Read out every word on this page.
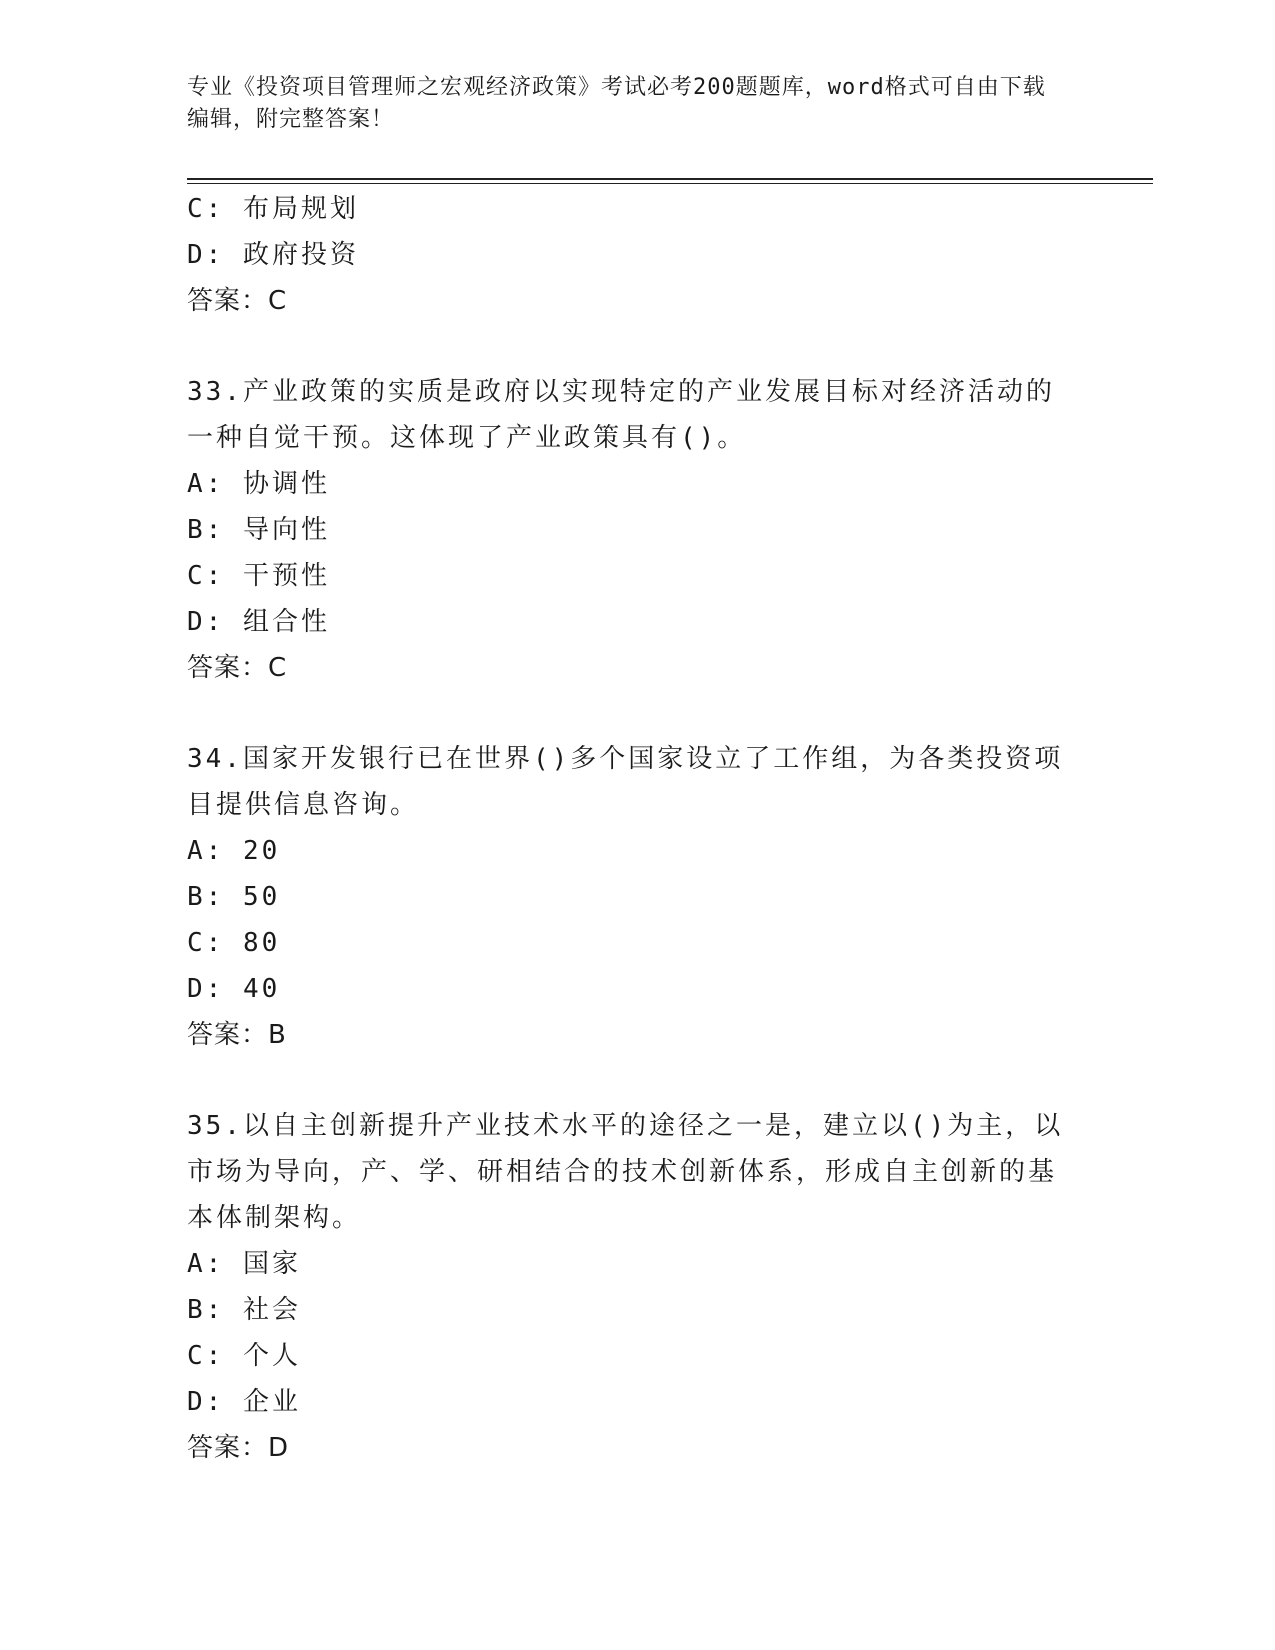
专业《投资项目管理师之宏观经济政策》考试必考200题题库，word格式可自由下载编辑，附完整答案！
C: 布局规划
D: 政府投资
答案：C
33.产业政策的实质是政府以实现特定的产业发展目标对经济活动的一种自觉干预。这体现了产业政策具有()。
A: 协调性
B: 导向性
C: 干预性
D: 组合性
答案：C
34.国家开发银行已在世界()多个国家设立了工作组，为各类投资项目提供信息咨询。
A: 20
B: 50
C: 80
D: 40
答案：B
35.以自主创新提升产业技术水平的途径之一是，建立以()为主，以市场为导向，产、学、研相结合的技术创新体系，形成自主创新的基本体制架构。
A: 国家
B: 社会
C: 个人
D: 企业
答案：D
